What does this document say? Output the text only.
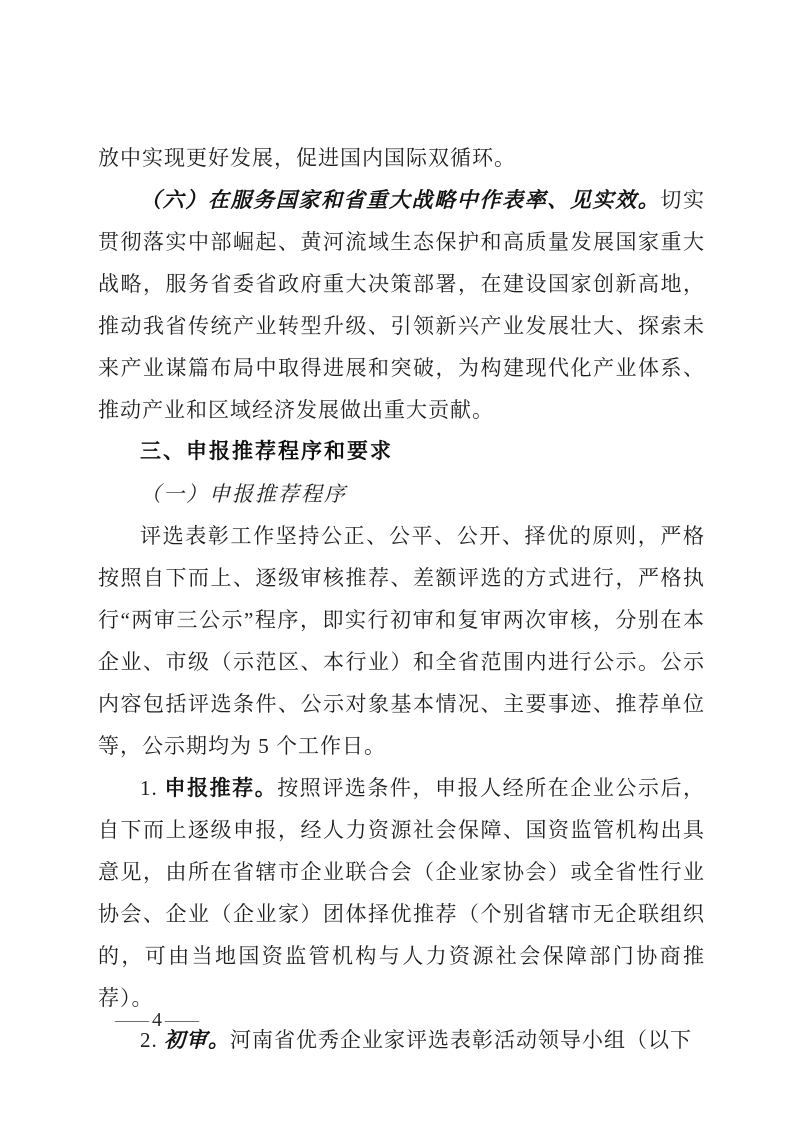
放中实现更好发展，促进国内国际双循环。

（六）在服务国家和省重大战略中作表率、见实效。切实贯彻落实中部崛起、黄河流域生态保护和高质量发展国家重大战略，服务省委省政府重大决策部署，在建设国家创新高地，推动我省传统产业转型升级、引领新兴产业发展壮大、探索未来产业谋篇布局中取得进展和突破，为构建现代化产业体系、推动产业和区域经济发展做出重大贡献。

三、申报推荐程序和要求

（一）申报推荐程序

评选表彰工作坚持公正、公平、公开、择优的原则，严格按照自下而上、逐级审核推荐、差额评选的方式进行，严格执行“两审三公示”程序，即实行初审和复审两次审核，分别在本企业、市级（示范区、本行业）和全省范围内进行公示。公示内容包括评选条件、公示对象基本情况、主要事迹、推荐单位等，公示期均为 5 个工作日。

1. 申报推荐。按照评选条件，申报人经所在企业公示后，自下而上逐级申报，经人力资源社会保障、国资监管机构出具意见，由所在省辖市企业联合会（企业家协会）或全省性行业协会、企业（企业家）团体择优推荐（个别省辖市无企联组织的，可由当地国资监管机构与人力资源社会保障部门协商推荐）。

2. 初审。河南省优秀企业家评选表彰活动领导小组（以下

— 4 —
